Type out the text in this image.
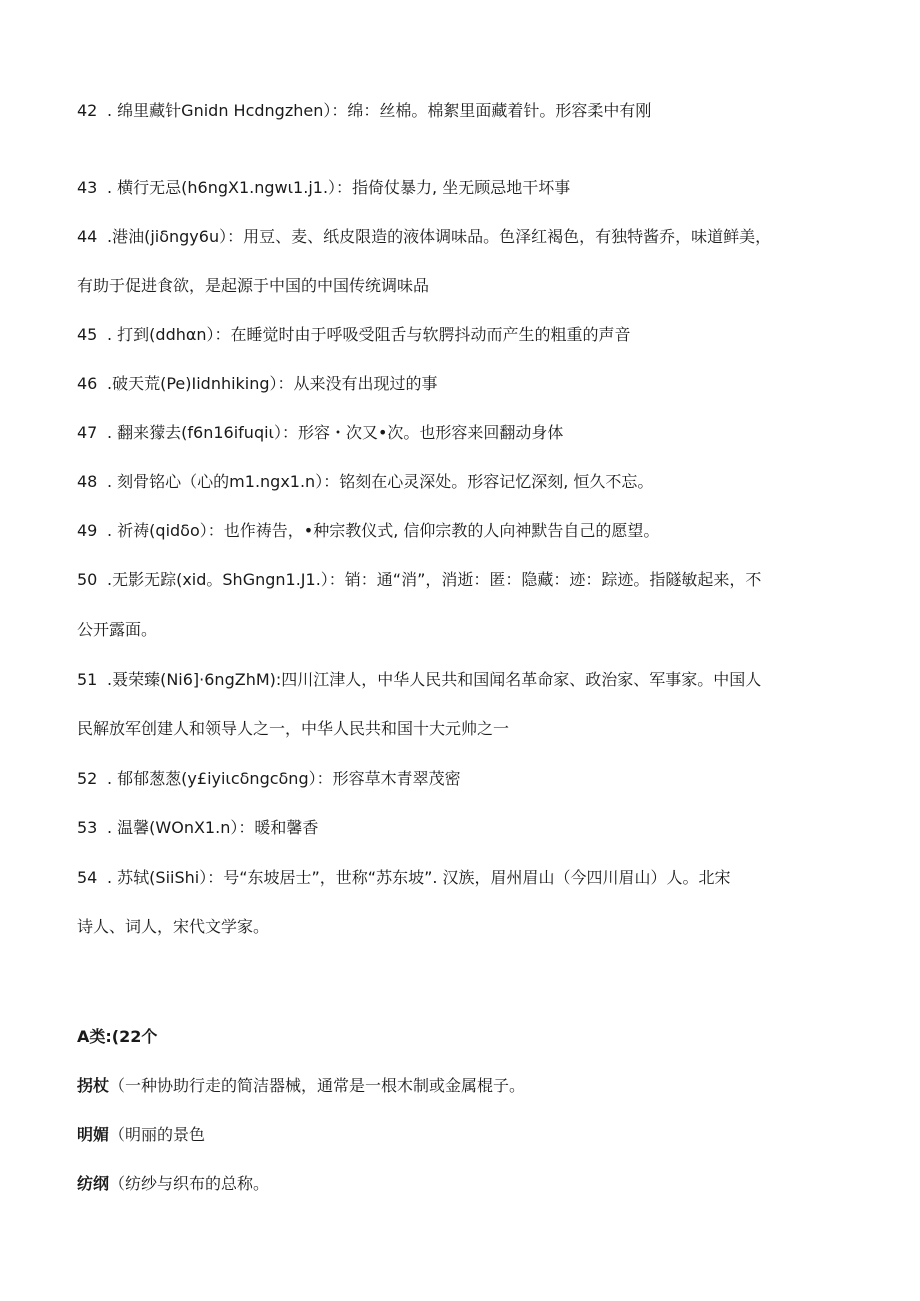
42 . 绵里藏针Gnidn Hcdngzhen）：绵：丝棉。棉絮里面藏着针。形容柔中有刚
43 . 横行无忌(h6ngX1.ngwι1.j1.）：指倚仗暴力, 坐无顾忌地干坏事
44 .港油(jiδngy6u）：用豆、麦、纸皮限造的液体调味品。色泽红褐色，有独特酱乔，味道鲜美，
有助于促进食欲，是起源于中国的中国传统调味品
45 . 打到(ddhαn）：在睡觉时由于呼吸受阻舌与软腭抖动而产生的粗重的声音
46 .破天荒(Pe)Iidnhiking）：从来没有出现过的事
47 . 翻来獴去(f6n16ifuqiι）：形容・次又•次。也形容来回翻动身体
48 . 刻骨铭心（心的m1.ngx1.n）：铭刻在心灵深处。形容记忆深刻, 恒久不忘。
49 . 祈祷(qidδo）：也作祷告，•种宗教仪式, 信仰宗教的人向神默告自己的愿望。
50 .无影无踪(xid。ShGngn1.J1.）：销：通“消”，消逝：匿：隐藏：迹：踪迹。指隧敏起来，不
公开露面。
51 .聂荣臻(Ni6]·6ngZhM):四川江津人，中华人民共和国闻名革命家、政治家、军事家。中国人
民解放军创建人和领导人之一，中华人民共和国十大元帅之一
52 . 郁郁葱葱(y£iyiιcδngcδng）：形容草木青翠茂密
53 . 温馨(WOnX1.n）：暖和馨香
54 . 苏轼(SiiShi）：号“东坡居士”，世称“苏东坡”. 汉族，眉州眉山（今四川眉山）人。北宋
诗人、词人，宋代文学家。
A类:(22个
拐杖（一种协助行走的简洁器械，通常是一根木制或金属棍子。
明媚（明丽的景色
纺纲（纺纱与织布的总称。
